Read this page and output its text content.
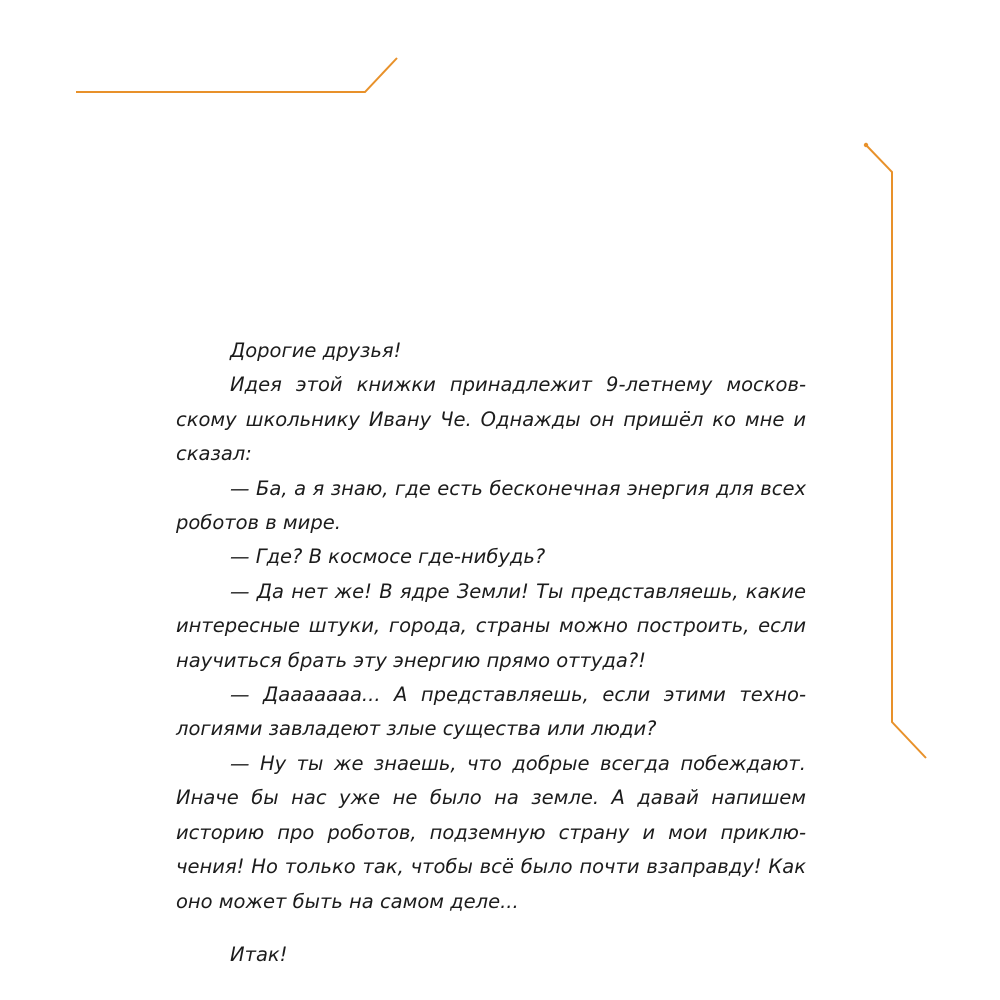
Дорогие друзья!

Идея этой книжки принадлежит 9-летнему московскому школьнику Ивану Че. Однажды он пришёл ко мне и сказал:

— Ба, а я знаю, где есть бесконечная энергия для всех роботов в мире.

— Где? В космосе где-нибудь?

— Да нет же! В ядре Земли! Ты представляешь, какие интересные штуки, города, страны можно построить, если научиться брать эту энергию прямо оттуда?!

— Дааааааа... А представляешь, если этими технологиями завладеют злые существа или люди?

— Ну ты же знаешь, что добрые всегда побеждают. Иначе бы нас уже не было на земле. А давай напишем историю про роботов, подземную страну и мои приключения! Но только так, чтобы всё было почти взаправду! Как оно может быть на самом деле...

Итак!
